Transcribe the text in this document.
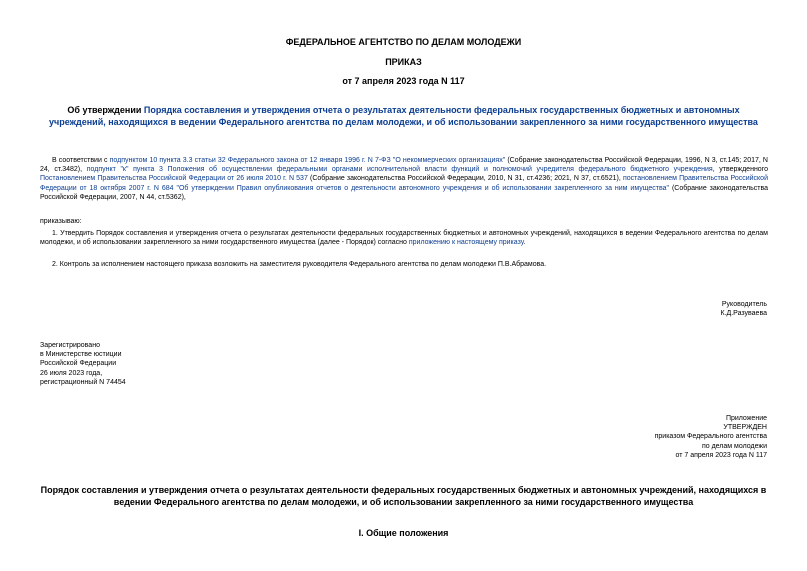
ФЕДЕРАЛЬНОЕ АГЕНТСТВО ПО ДЕЛАМ МОЛОДЕЖИ
ПРИКАЗ
от 7 апреля 2023 года N 117
Об утверждении Порядка составления и утверждения отчета о результатах деятельности федеральных государственных бюджетных и автономных учреждений, находящихся в ведении Федерального агентства по делам молодежи, и об использовании закрепленного за ними государственного имущества
В соответствии с подпунктом 10 пункта 3.3 статьи 32 Федерального закона от 12 января 1996 г. N 7-ФЗ "О некоммерческих организациях" (Собрание законодательства Российской Федерации, 1996, N 3, ст.145; 2017, N 24, ст.3482), подпункт "к" пункта 3 Положения об осуществлении федеральными органами исполнительной власти функций и полномочий учредителя федерального бюджетного учреждения, утвержденного Постановлением Правительства Российской Федерации от 26 июля 2010 г. N 537 (Собрание законодательства Российской Федерации, 2010, N 31, ст.4236; 2021, N 37, ст.6521), постановлением Правительства Российской Федерации от 18 октября 2007 г. N 684 "Об утверждении Правил опубликования отчетов о деятельности автономного учреждения и об использовании закрепленного за ним имущества" (Собрание законодательства Российской Федерации, 2007, N 44, ст.5362),
приказываю:
1. Утвердить Порядок составления и утверждения отчета о результатах деятельности федеральных государственных бюджетных и автономных учреждений, находящихся в ведении Федерального агентства по делам молодежи, и об использовании закрепленного за ними государственного имущества (далее - Порядок) согласно приложению к настоящему приказу.
2. Контроль за исполнением настоящего приказа возложить на заместителя руководителя Федерального агентства по делам молодежи П.В.Абрамова.
Руководитель
К.Д.Разуваева
Зарегистрировано
в Министерстве юстиции
Российской Федерации
26 июля 2023 года,
регистрационный N 74454
Приложение
УТВЕРЖДЕН
приказом Федерального агентства
по делам молодежи
от 7 апреля 2023 года N 117
Порядок составления и утверждения отчета о результатах деятельности федеральных государственных бюджетных и автономных учреждений, находящихся в ведении Федерального агентства по делам молодежи, и об использовании закрепленного за ними государственного имущества
I. Общие положения
